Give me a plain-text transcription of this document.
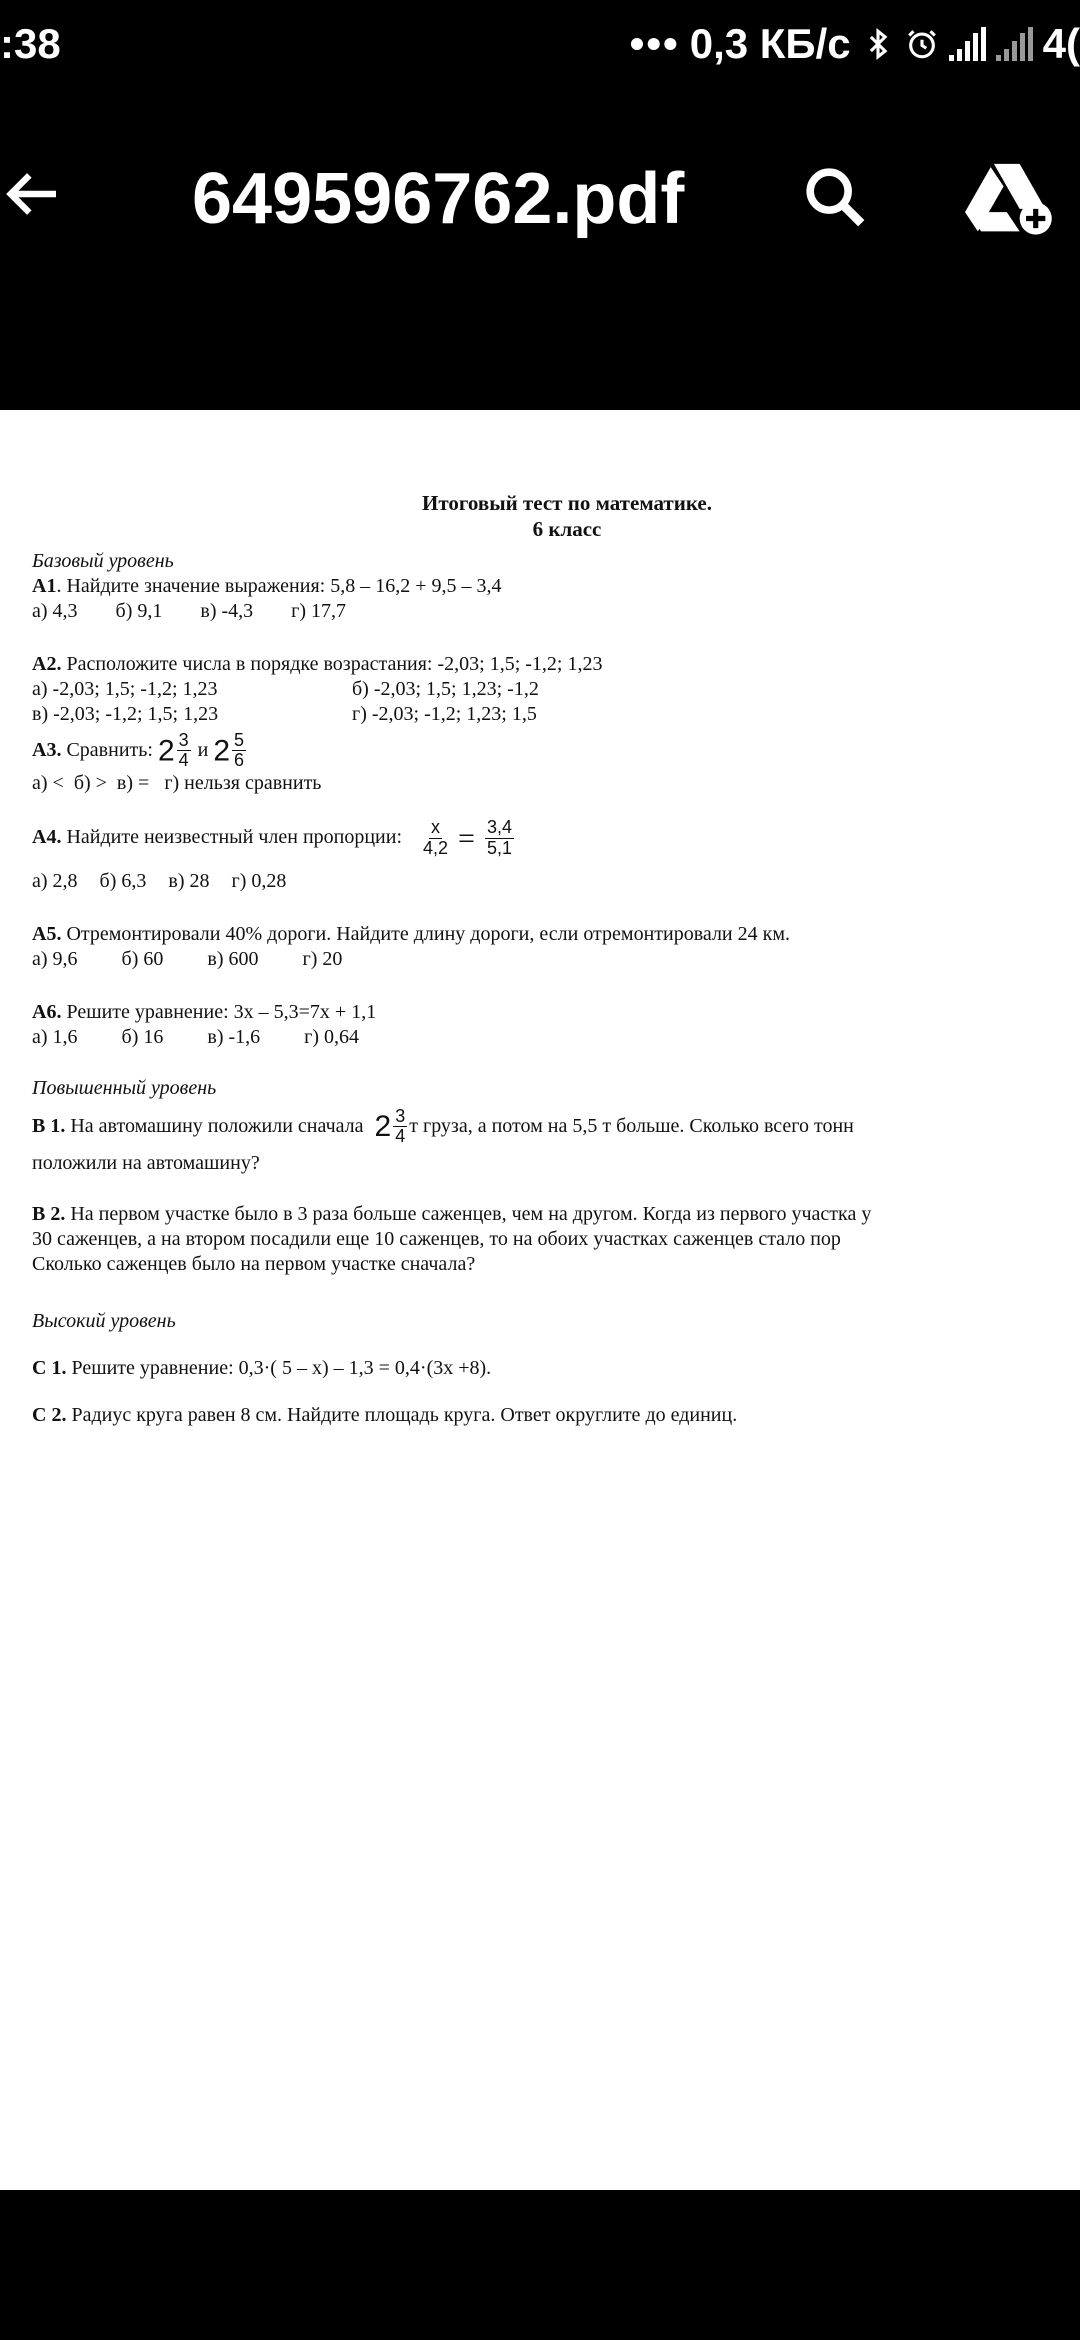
:38	••• 0,3 КБ/с	4(
649596762.pdf
Итоговый тест по математике.
6 класс
Базовый уровень
А1. Найдите значение выражения: 5,8 – 16,2 + 9,5 – 3,4
а) 4,3 б) 9,1 в) -4,3 г) 17,7
А2. Расположите числа в порядке возрастания: -2,03; 1,5; -1,2; 1,23
а) -2,03; 1,5; -1,2; 1,23	б) -2,03; 1,5; 1,23; -1,2
в) -2,03; -1,2; 1,5; 1,23	г) -2,03; -1,2; 1,23; 1,5
А3. Сравнить: $2 \frac{3}{4}$ и $2 \frac{5}{6}$
а) <  б) >  в) =   г) нельзя сравнить
А4. Найдите неизвестный член пропорции: $\frac{x}{4,2} = \frac{3,4}{5,1}$
а) 2,8 б) 6,3 в) 28 г) 0,28
А5. Отремонтировали 40% дороги. Найдите длину дороги, если отремонтировали 24 км.
а) 9,6 б) 60 в) 600 г) 20
А6. Решите уравнение: 3х – 5,3=7х + 1,1
а) 1,6 б) 16 в) -1,6 г) 0,64
Повышенный уровень
В 1. На автомашину положили сначала $2 \frac{3}{4}$ т груза, а потом на 5,5 т больше. Сколько всего тонн
положили на автомашину?
В 2. На первом участке было в 3 раза больше саженцев, чем на другом. Когда из первого участка у
30 саженцев, а на втором посадили еще 10 саженцев, то на обоих участках саженцев стало пор
Сколько саженцев было на первом участке сначала?
Высокий уровень
С 1. Решите уравнение: 0,3·( 5 – x) – 1,3 = 0,4·(3x +8).
С 2. Радиус круга равен 8 см. Найдите площадь круга. Ответ округлите до единиц.
